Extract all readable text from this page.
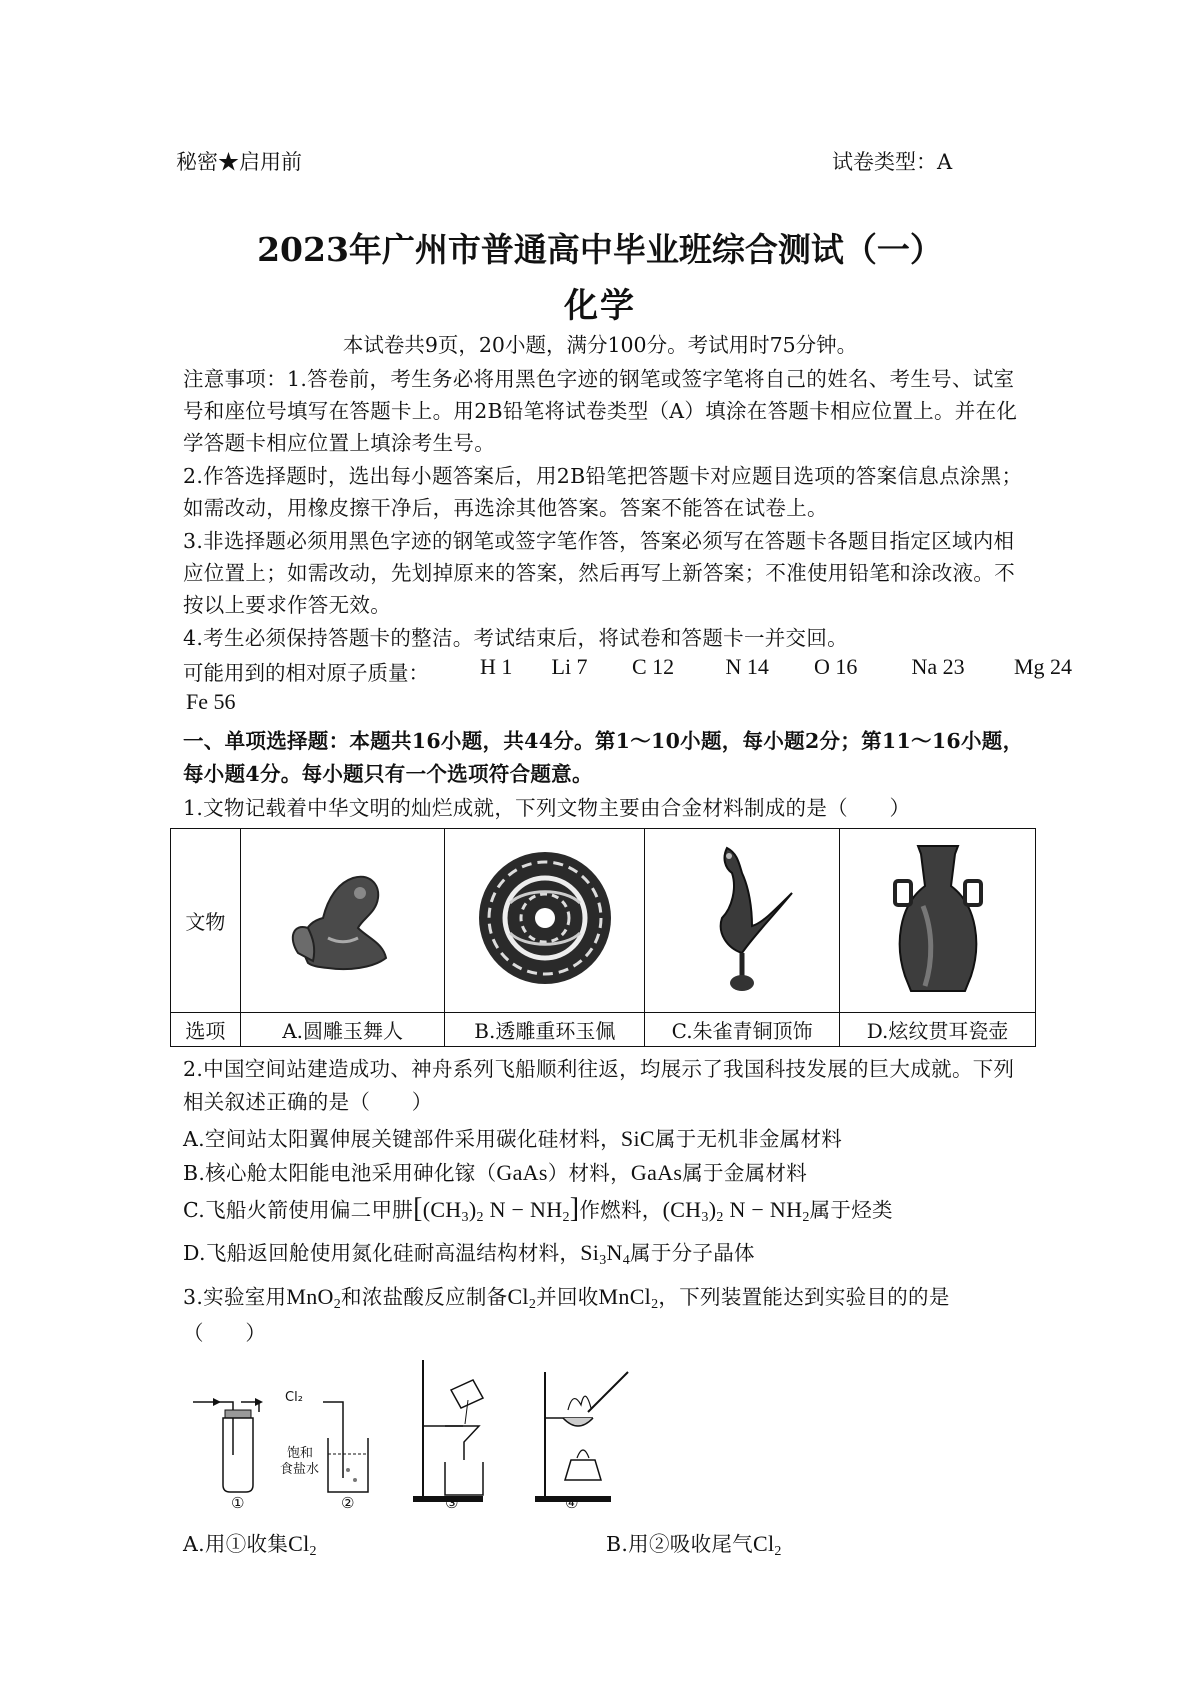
秘密★启用前	试卷类型：A
2023年广州市普通高中毕业班综合测试（一）
化学
本试卷共9页，20小题，满分100分。考试用时75分钟。
注意事项：1.答卷前，考生务必将用黑色字迹的钢笔或签字笔将自己的姓名、考生号、试室
号和座位号填写在答题卡上。用2B铅笔将试卷类型（A）填涂在答题卡相应位置上。并在化
学答题卡相应位置上填涂考生号。
2.作答选择题时，选出每小题答案后，用2B铅笔把答题卡对应题目选项的答案信息点涂黑；
如需改动，用橡皮擦干净后，再选涂其他答案。答案不能答在试卷上。
3.非选择题必须用黑色字迹的钢笔或签字笔作答，答案必须写在答题卡各题目指定区域内相
应位置上；如需改动，先划掉原来的答案，然后再写上新答案；不准使用铅笔和涂改液。不
按以上要求作答无效。
4.考生必须保持答题卡的整洁。考试结束后，将试卷和答题卡一并交回。
可能用到的相对原子质量： H 1 Li 7 C 12 N 14 O 16 Na 23 Mg 24
Fe 56
一、单项选择题：本题共16小题，共44分。第1～10小题，每小题2分；第11～16小题，
每小题4分。每小题只有一个选项符合题意。
1.文物记载着中华文明的灿烂成就，下列文物主要由合金材料制成的是（　　）
文物				
选项	A.圆雕玉舞人	B.透雕重环玉佩	C.朱雀青铜顶饰	D.炫纹贯耳瓷壶
2.中国空间站建造成功、神舟系列飞船顺利往返，均展示了我国科技发展的巨大成就。下列
相关叙述正确的是（　　）
A.空间站太阳翼伸展关键部件采用碳化硅材料，SiC属于无机非金属材料
B.核心舱太阳能电池采用砷化镓（GaAs）材料，GaAs属于金属材料
C.飞船火箭使用偏二甲肼[$(CH_3)_2$ $N - NH_2$]作燃料，$(CH_3)_2$ $N - NH_2$属于烃类
D.飞船返回舱使用氮化硅耐高温结构材料，$Si_3N_4$属于分子晶体
3.实验室用MnO$_2$和浓盐酸反应制备$Cl_2$并回收MnCl$_2$，下列装置能达到实验目的的是
（　　）
Cl₂
饱和
食盐水
①	②	③	④
A.用①收集$Cl_2$	B.用②吸收尾气$Cl_2$
